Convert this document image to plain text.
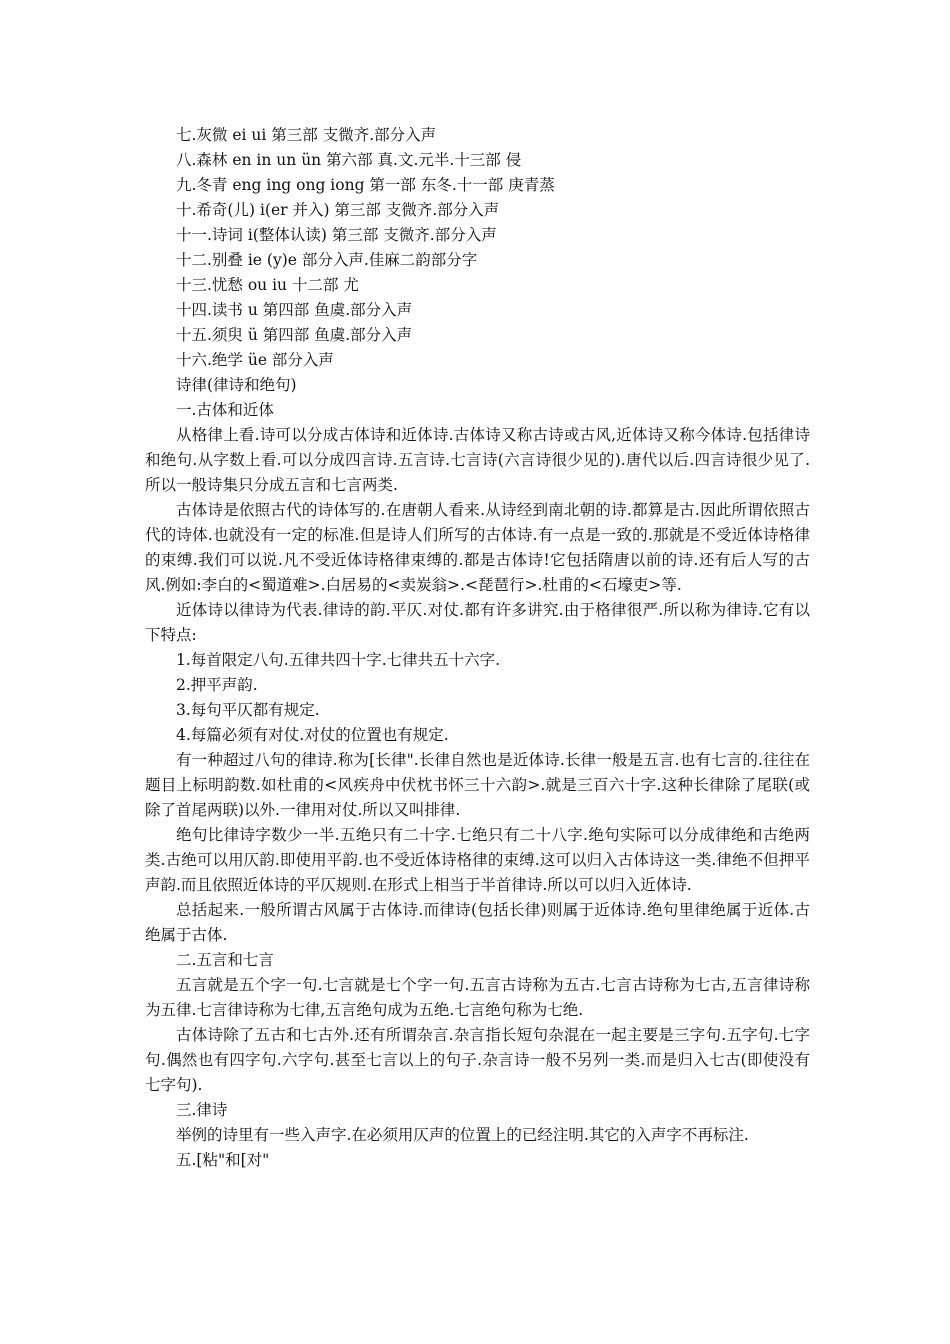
七.灰微 ei ui 第三部 支微齐.部分入声

八.森林 en in un ün 第六部 真.文.元半.十三部 侵

九.冬青 eng ing ong iong 第一部 东冬.十一部 庚青蒸

十.希奇(儿) i(er 并入) 第三部 支微齐.部分入声

十一.诗词 i(整体认读) 第三部 支微齐.部分入声

十二.别叠 ie (y)e 部分入声.佳麻二韵部分字

十三.忧愁 ou iu 十二部 尤

十四.读书 u 第四部 鱼虞.部分入声

十五.须臾 ü 第四部 鱼虞.部分入声

十六.绝学 üe 部分入声

诗律(律诗和绝句)

一.古体和近体

从格律上看.诗可以分成古体诗和近体诗.古体诗又称古诗或古风,近体诗又称今体诗.包括律诗和绝句.从字数上看.可以分成四言诗.五言诗.七言诗(六言诗很少见的).唐代以后.四言诗很少见了.所以一般诗集只分成五言和七言两类.

古体诗是依照古代的诗体写的.在唐朝人看来.从诗经到南北朝的诗.都算是古.因此所谓依照古代的诗体.也就没有一定的标准.但是诗人们所写的古体诗.有一点是一致的.那就是不受近体诗格律的束缚.我们可以说.凡不受近体诗格律束缚的.都是古体诗!它包括隋唐以前的诗.还有后人写的古风.例如:李白的<蜀道难>.白居易的<卖炭翁>.<琵琶行>.杜甫的<石壕吏>等.

近体诗以律诗为代表.律诗的韵.平仄.对仗.都有许多讲究.由于格律很严.所以称为律诗.它有以下特点:

1.每首限定八句.五律共四十字.七律共五十六字.

2.押平声韵.

3.每句平仄都有规定.

4.每篇必须有对仗.对仗的位置也有规定.

有一种超过八句的律诗.称为[长律".长律自然也是近体诗.长律一般是五言.也有七言的.往往在题目上标明韵数.如杜甫的<风疾舟中伏枕书怀三十六韵>.就是三百六十字.这种长律除了尾联(或除了首尾两联)以外.一律用对仗.所以又叫排律.

绝句比律诗字数少一半.五绝只有二十字.七绝只有二十八字.绝句实际可以分成律绝和古绝两类.古绝可以用仄韵.即使用平韵.也不受近体诗格律的束缚.这可以归入古体诗这一类.律绝不但押平声韵.而且依照近体诗的平仄规则.在形式上相当于半首律诗.所以可以归入近体诗.

总括起来.一般所谓古风属于古体诗.而律诗(包括长律)则属于近体诗.绝句里律绝属于近体.古绝属于古体.

二.五言和七言

五言就是五个字一句.七言就是七个字一句.五言古诗称为五古.七言古诗称为七古,五言律诗称为五律.七言律诗称为七律,五言绝句成为五绝.七言绝句称为七绝.

古体诗除了五古和七古外.还有所谓杂言.杂言指长短句杂混在一起主要是三字句.五字句.七字句.偶然也有四字句.六字句.甚至七言以上的句子.杂言诗一般不另列一类.而是归入七古(即使没有七字句).

三.律诗

举例的诗里有一些入声字.在必须用仄声的位置上的已经注明.其它的入声字不再标注.

五.[粘"和[对"
